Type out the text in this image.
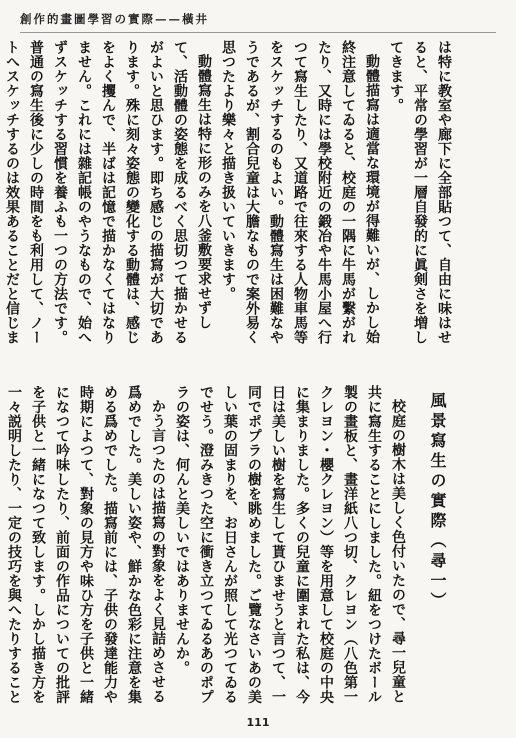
創作的畫圖學習の實際——橫井

は特に教室や廊下に全部貼つて、自由に味はせると、平常の學習が一層自發的に眞剣さを増してきます。

動體描寫は適當な環境が得難いが、しかし始終注意してゐると、校庭の一隅に牛馬が繫がれたり、又時には學校附近の鍛冶や牛馬小屋へ行つて寫生したり、又道路で往來する人物車馬等をスケッチするのもよい。動體寫生は困難なやうであるが、割合兒童は大膽なもので案外易く思つたより樂々と描き扱いていきます。

動體寫生は特に形のみを八釜敷要求せずして、活動體の姿態を成るべく思切つて描かせるがよいと思ひます。即ち感じの描寫が大切であります。殊に刻々姿態の變化する動體は、感じをよく攫んで、半ばは記憶で描かなくてはなりません。これには雜記帳のやうなもので、始へずスケッチする習慣を養ふも一つの方法です。普通の寫生後に少しの時間をも利用して、ノートへスケッチするのは效果あることだと信じま

風景寫生の實際（尋一）

校庭の樹木は美しく色付いたので、尋一兒童と共に寫生することにしました。紐をつけたボール製の畫板と、畫洋紙八つ切、クレヨン（八色第一クレヨン・櫻クレヨン）等を用意して校庭の中央に集まりました。多くの兒童に圍まれた私は、今日は美しい樹を寫生して貰ひませうと言つて、一同でポプラの樹を眺めました。ご覽なさいあの美しい葉の固まりを、お日さんが照して光つてゐるでせう。澄みきつた空に衝き立つてゐるあのポプラの姿は、何んと美しいではありませんか。

かう言つたのは描寫の對象をよく見詰めさせる爲めでした。美しい姿や、鮮かな色彩に注意を集める爲めでした。描寫前には、子供の發達能力や時期によつて、對象の見方や味ひ方を子供と一緒になつて吟味したり、前面の作品についての批評を子供と一緒になつて致します。しかし描き方を一々説明したり、一定の技巧を與へたりすること

111
